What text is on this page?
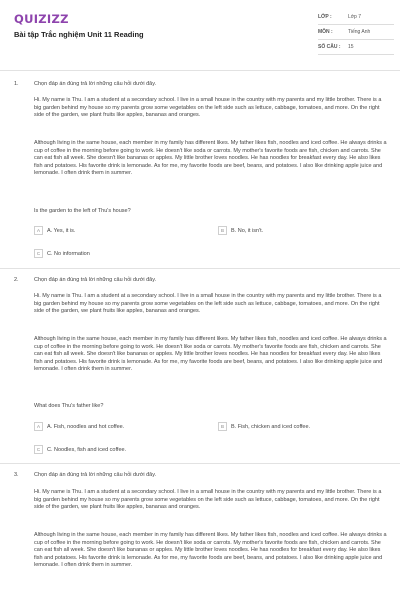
QUIZIZZ
Bài tập Trắc nghiệm Unit 11 Reading
LỚP :	Lớp 7
MÔN :	Tiếng Anh
SỐ CÂU :	15
1.	Chọn đáp án đúng trả lời những câu hỏi dưới đây.

Hi. My name is Thu. I am a student at a secondary school. I live in a small house in the country with my parents and my little brother. There is a big garden behind my house so my parents grow some vegetables on the left side such as lettuce, cabbage, tomatoes, and more. On the right side of the garden, we plant fruits like apples, bananas and oranges.

Although living in the same house, each member in my family has different likes. My father likes fish, noodles and iced coffee. He always drinks a cup of coffee in the morning before going to work. He doesn't like soda or carrots. My mother's favorite foods are fish, chicken and carrots. She can eat fish all week. She doesn't like bananas or apples. My little brother loves noodles. He has noodles for breakfast every day. He also likes fish and potatoes. His favorite drink is lemonade. As for me, my favorite foods are beef, beans, and potatoes. I also like drinking apple juice and lemonade. I often drink them in summer.

Is the garden to the left of Thu's house?

A	A. Yes, it is.	B	B. No, it isn't.
C	C. No information
2.	Chọn đáp án đúng trả lời những câu hỏi dưới đây.

Hi. My name is Thu. I am a student at a secondary school. I live in a small house in the country with my parents and my little brother. There is a big garden behind my house so my parents grow some vegetables on the left side such as lettuce, cabbage, tomatoes, and more. On the right side of the garden, we plant fruits like apples, bananas and oranges.

Although living in the same house, each member in my family has different likes. My father likes fish, noodles and iced coffee. He always drinks a cup of coffee in the morning before going to work. He doesn't like soda or carrots. My mother's favorite foods are fish, chicken and carrots. She can eat fish all week. She doesn't like bananas or apples. My little brother loves noodles. He has noodles for breakfast every day. He also likes fish and potatoes. His favorite drink is lemonade. As for me, my favorite foods are beef, beans, and potatoes. I also like drinking apple juice and lemonade. I often drink them in summer.

What does Thu's father like?

A	A. Fish, noodles and hot coffee.	B	B. Fish, chicken and iced coffee.
C	C. Noodles, fish and iced coffee.
3.	Chọn đáp án đúng trả lời những câu hỏi dưới đây.

Hi. My name is Thu. I am a student at a secondary school. I live in a small house in the country with my parents and my little brother. There is a big garden behind my house so my parents grow some vegetables on the left side such as lettuce, cabbage, tomatoes, and more. On the right side of the garden, we plant fruits like apples, bananas and oranges.

Although living in the same house, each member in my family has different likes. My father likes fish, noodles and iced coffee. He always drinks a cup of coffee in the morning before going to work. He doesn't like soda or carrots. My mother's favorite foods are fish, chicken and carrots. She can eat fish all week. She doesn't like bananas or apples. My little brother loves noodles. He has noodles for breakfast every day. He also likes fish and potatoes. His favorite drink is lemonade. As for me, my favorite foods are beef, beans, and potatoes. I also like drinking apple juice and lemonade. I often drink them in summer.
